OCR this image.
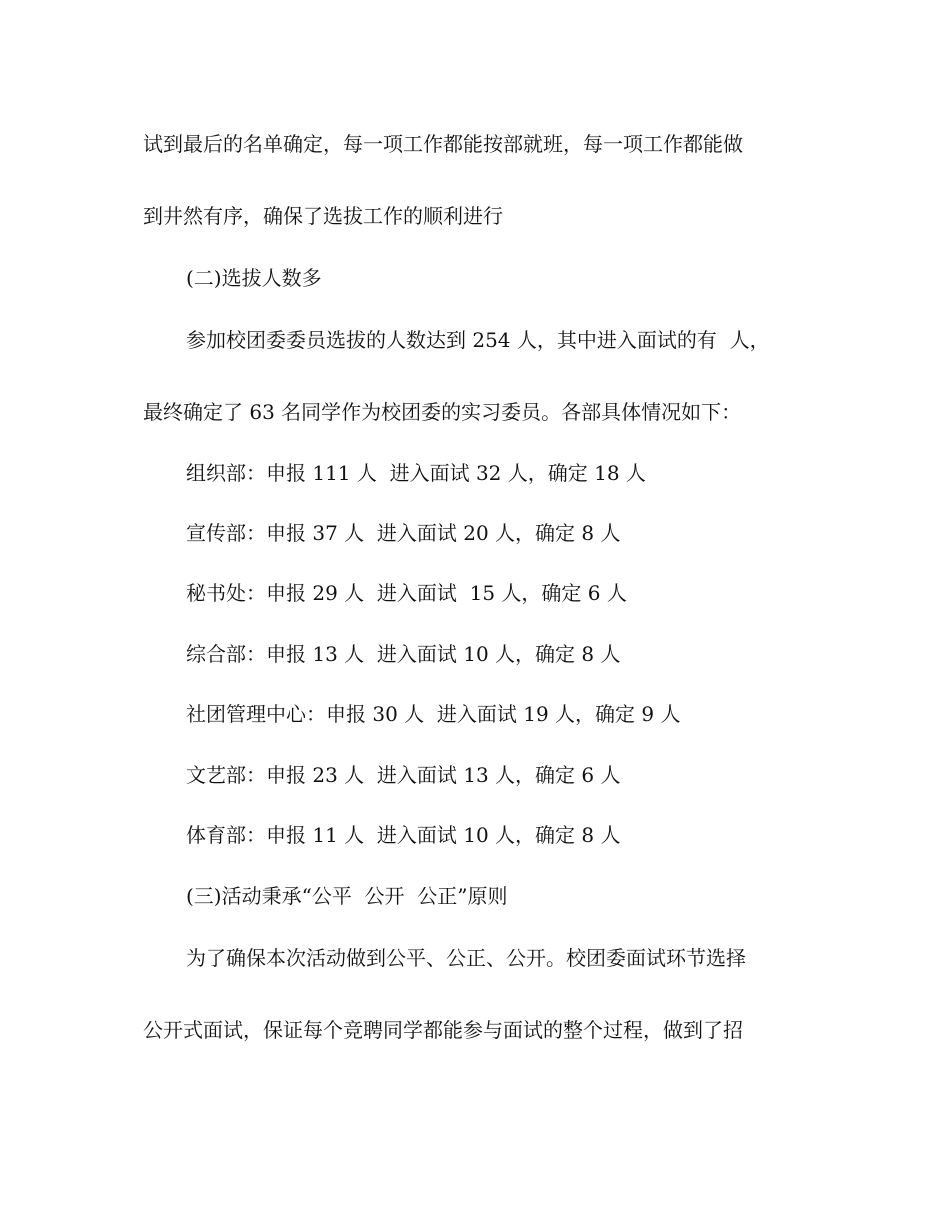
试到最后的名单确定，每一项工作都能按部就班，每一项工作都能做
到井然有序，确保了选拔工作的顺利进行
(二)选拔人数多
参加校团委委员选拔的人数达到 254 人，其中进入面试的有  人，
最终确定了 63 名同学作为校团委的实习委员。各部具体情况如下：
组织部：申报 111 人  进入面试 32 人，确定 18 人
宣传部：申报 37 人  进入面试 20 人，确定 8 人
秘书处：申报 29 人  进入面试  15 人，确定 6 人
综合部：申报 13 人  进入面试 10 人，确定 8 人
社团管理中心：申报 30 人  进入面试 19 人，确定 9 人
文艺部：申报 23 人  进入面试 13 人，确定 6 人
体育部：申报 11 人  进入面试 10 人，确定 8 人
(三)活动秉承“公平  公开  公正”原则
为了确保本次活动做到公平、公正、公开。校团委面试环节选择
公开式面试，保证每个竞聘同学都能参与面试的整个过程，做到了招
